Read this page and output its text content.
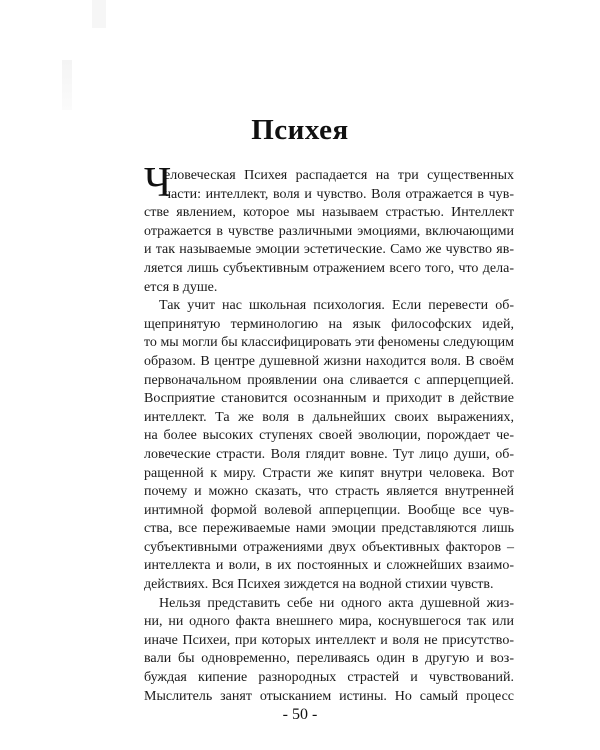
Психея
Ч
еловеческая Психея распадается на три существенных
части: интеллект, воля и чувство. Воля отражается в чув-
стве явлением, которое мы называем страстью. Интеллект
отражается в чувстве различными эмоциями, включающими
и так называемые эмоции эстетические. Само же чувство яв-
ляется лишь субъективным отражением всего того, что дела-
ется в душе.
Так учит нас школьная психология. Если перевести об-
щепринятую терминологию на язык философских идей,
то мы могли бы классифицировать эти феномены следующим
образом. В центре душевной жизни находится воля. В своём
первоначальном проявлении она сливается с апперцепцией.
Восприятие становится осознанным и приходит в действие
интеллект. Та же воля в дальнейших своих выражениях,
на более высоких ступенях своей эволюции, порождает че-
ловеческие страсти. Воля глядит вовне. Тут лицо души, об-
ращенной к миру. Страсти же кипят внутри человека. Вот
почему и можно сказать, что страсть является внутренней
интимной формой волевой апперцепции. Вообще все чув-
ства, все переживаемые нами эмоции представляются лишь
субъективными отражениями двух объективных факторов –
интеллекта и воли, в их постоянных и сложнейших взаимо-
действиях. Вся Психея зиждется на водной стихии чувств.
Нельзя представить себе ни одного акта душевной жиз-
ни, ни одного факта внешнего мира, коснувшегося так или
иначе Психеи, при которых интеллект и воля не присутство-
вали бы одновременно, переливаясь один в другую и воз-
буждая кипение разнородных страстей и чувствований.
Мыслитель занят отысканием истины. Но самый процесс
- 50 -
